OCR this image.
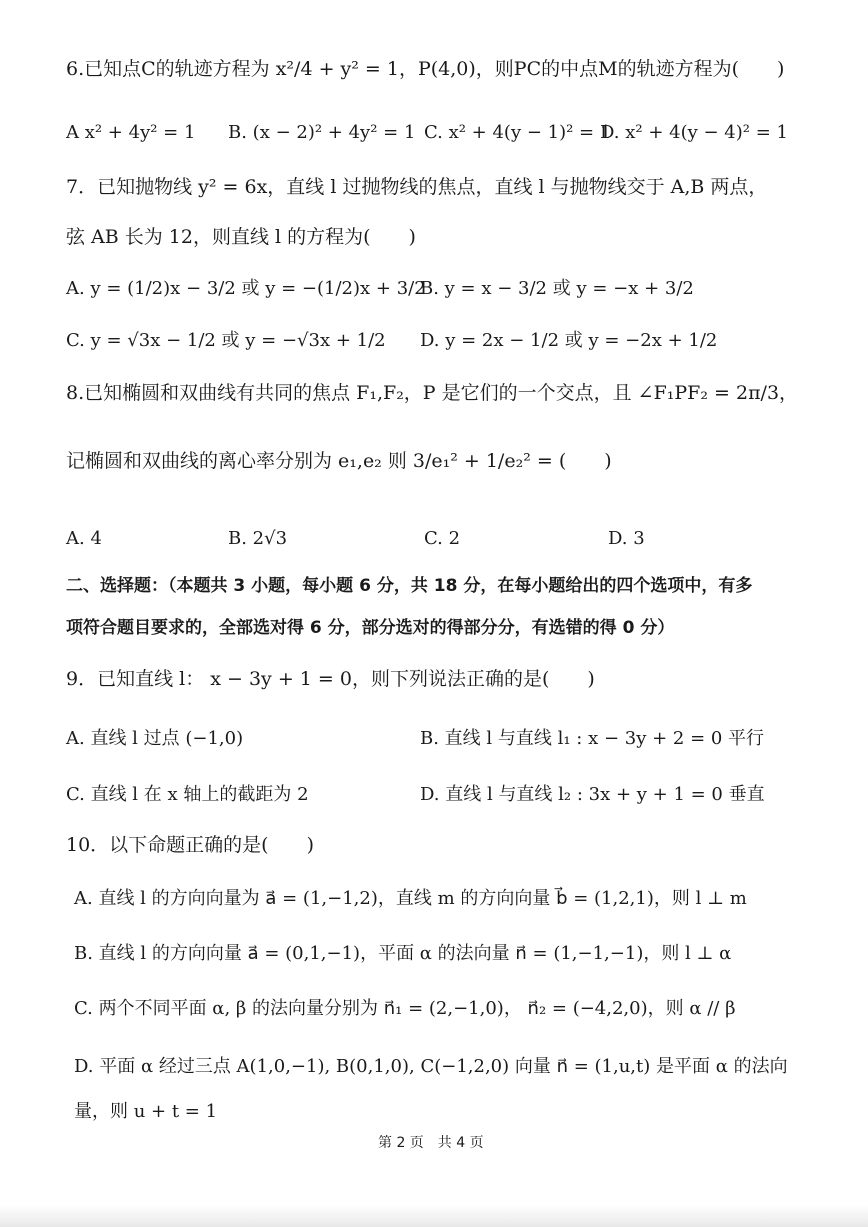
6.已知点C的轨迹方程为 x²/4 + y² = 1，P(4,0)，则PC的中点M的轨迹方程为(　　)
A x² + 4y² = 1 B. (x − 2)² + 4y² = 1 C. x² + 4(y − 1)² = 1
D. x² + 4(y − 4)² = 1
7．已知抛物线 y² = 6x，直线 l 过抛物线的焦点，直线 l 与抛物线交于 A,B 两点，
弦 AB 长为 12，则直线 l 的方程为(　　)
A. y = (1/2)x − 3/2 或 y = −(1/2)x + 3/2
B. y = x − 3/2 或 y = −x + 3/2
C. y = √3x − 1/2 或 y = −√3x + 1/2 D. y = 2x − 1/2 或 y = −2x + 1/2
8.已知椭圆和双曲线有共同的焦点 F₁,F₂，P 是它们的一个交点，且 ∠F₁PF₂ = 2π/3，
记椭圆和双曲线的离心率分别为 e₁,e₂ 则 3/e₁² + 1/e₂² = (　　)
A. 4	B. 2√3	C. 2	D. 3
二、选择题：（本题共 3 小题，每小题 6 分，共 18 分，在每小题给出的四个选项中，有多
项符合题目要求的，全部选对得 6 分，部分选对的得部分分，有选错的得 0 分）
9．已知直线 l： x − 3y + 1 = 0，则下列说法正确的是(　　)
A. 直线 l 过点 (−1,0)	B. 直线 l 与直线 l₁ : x − 3y + 2 = 0 平行
C. 直线 l 在 x 轴上的截距为 2	D. 直线 l 与直线 l₂ : 3x + y + 1 = 0 垂直
10．以下命题正确的是(　　)
A. 直线 l 的方向向量为 a⃗ = (1,−1,2)，直线 m 的方向向量 b⃗ = (1,2,1)，则 l ⊥ m
B. 直线 l 的方向向量 a⃗ = (0,1,−1)，平面 α 的法向量 n⃗ = (1,−1,−1)，则 l ⊥ α
C. 两个不同平面 α, β 的法向量分别为 n⃗₁ = (2,−1,0)， n⃗₂ = (−4,2,0)，则 α // β
D. 平面 α 经过三点 A(1,0,−1), B(0,1,0), C(−1,2,0) 向量 n⃗ = (1,u,t) 是平面 α 的法向
量，则 u + t = 1
第 2 页　共 4 页
